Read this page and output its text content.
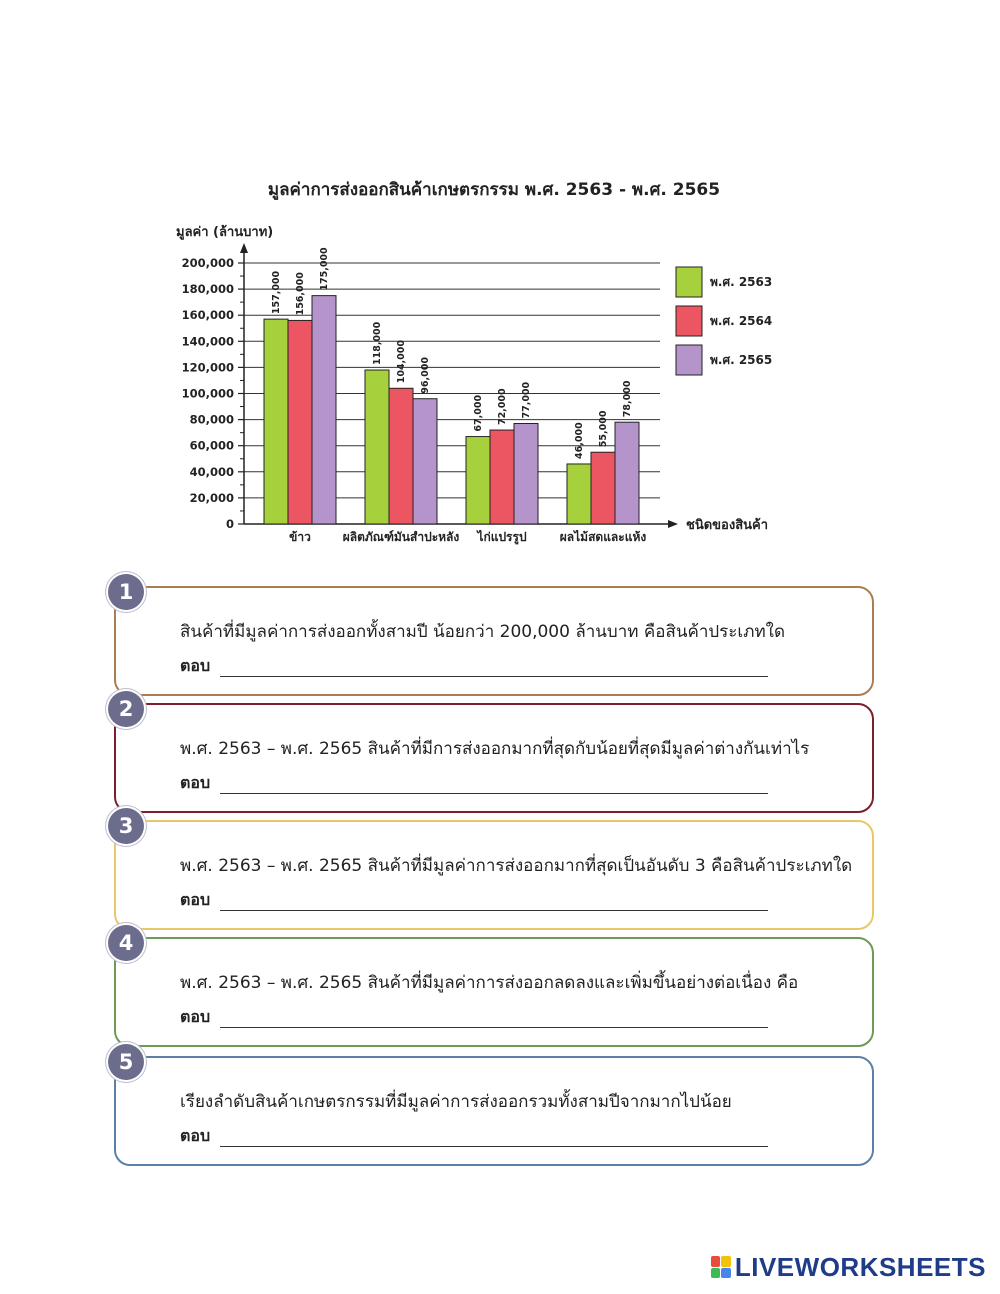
มูลค่าการส่งออกสินค้าเกษตรกรรม พ.ศ. 2563 - พ.ศ. 2565
มูลค่า (ล้านบาท)
ชนิดของสินค้า
0
20,000
40,000
60,000
80,000
100,000
120,000
140,000
160,000
180,000
200,000
ข้าว	ผลิตภัณฑ์มันสำปะหลัง ไก่แปรรูป	ผลไม้สดและแห้ง
157,000 156,000
175,000
118,000 104,000 96,000
67,000 72,000 77,000
46,000 55,000
78,000
พ.ศ. 2563
พ.ศ. 2564
พ.ศ. 2565
1
สินค้าที่มีมูลค่าการส่งออกทั้งสามปี น้อยกว่า 200,000 ล้านบาท คือสินค้าประเภทใด
ตอบ
2
พ.ศ. 2563 – พ.ศ. 2565 สินค้าที่มีการส่งออกมากที่สุดกับน้อยที่สุดมีมูลค่าต่างกันเท่าไร
ตอบ
3
พ.ศ. 2563 – พ.ศ. 2565 สินค้าที่มีมูลค่าการส่งออกมากที่สุดเป็นอันดับ 3 คือสินค้าประเภทใด
ตอบ
4
พ.ศ. 2563 – พ.ศ. 2565 สินค้าที่มีมูลค่าการส่งออกลดลงและเพิ่มขึ้นอย่างต่อเนื่อง คือ
ตอบ
5
เรียงลำดับสินค้าเกษตรกรรมที่มีมูลค่าการส่งออกรวมทั้งสามปีจากมากไปน้อย
ตอบ
LIVEWORKSHEETS
